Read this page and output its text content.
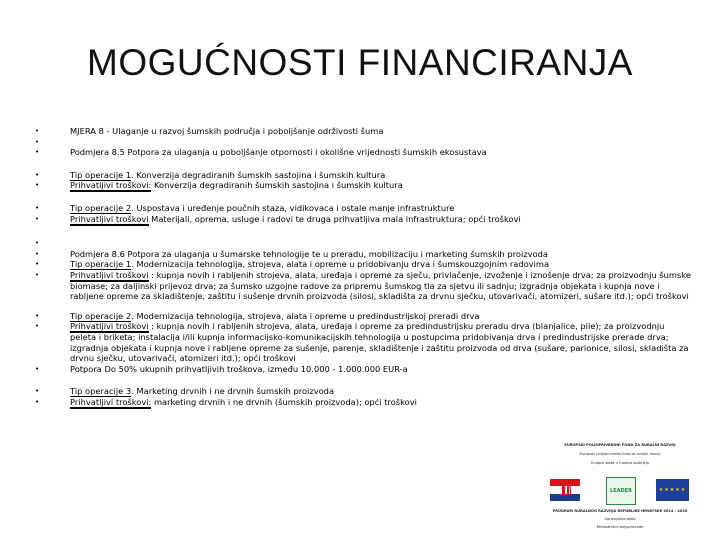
MOGUĆNOSTI FINANCIRANJA
•	MJERA 8 - Ulaganje u razvoj šumskih područja i poboljšanje održivosti šuma
•
•	Podmjera 8.5 Potpora za ulaganja u poboljšanje otpornosti i okolišne vrijednosti šumskih ekosustava
•	Tip operacije 1. Konverzija degradiranih šumskih sastojina i šumskih kultura
•	Prihvatljivi troškovi: Konverzija degradiranih šumskih sastojina i šumskih kultura
•	Tip operacije 2. Uspostava i uređenje poučnih staza, vidikovaca i ostale manje infrastrukture
•	Prihvatljivi troškovi Materijali, oprema, usluge i radovi te druga prihvatljiva mala infrastruktura; opći troškovi
•
•	Podmjera 8.6 Potpora za ulaganja u šumarske tehnologije te u preradu, mobilizaciju i marketing šumskih proizvoda
•	Tip operacije 1. Modernizacija tehnologija, strojeva, alata i opreme u pridobivanju drva i šumskouzgojnim radovima
•	Prihvatljivi troškovi : kupnja novih i rabljenih strojeva, alata, uređaja i opreme za sječu, privlačenje, izvoženje i iznošenje drva; za proizvodnju šumske biomase; za daljinski prijevoz drva; za šumsko uzgojne radove za pripremu šumskog tla za sjetvu ili sadnju; izgradnja objekata i kupnja nove i rabljene opreme za skladištenje, zaštitu i sušenje drvnih proizvoda (silosi, skladišta za drvnu sječku, utovarivači, atomizeri, sušare itd.); opći troškovi
•	Tip operacije 2. Modernizacija tehnologija, strojeva, alata i opreme u predindustrijskoj preradi drva
•	Prihvatljivi troškovi : kupnja novih i rabljenih strojeva, alata, uređaja i opreme za predindustrijsku preradu drva (blanjalice, pile); za proizvodnju peleta i briketa; instalacija i/ili kupnja informacijsko-komunikacijskih tehnologija u postupcima pridobivanja drva i predindustrijske prerade drva; izgradnja objekata i kupnja nove i rabljene opreme za sušenje, parenje, skladištenje i zaštitu proizvoda od drva (sušare, parionice, silosi, skladišta za drvnu sječku, utovarivači, atomizeri itd.); opći troškovi
•	Potpora Do 50% ukupnih prihvatljivih troškova, između 10.000 - 1.000.000 EUR-a
•	Tip operacije 3. Marketing drvnih i ne drvnih šumskih proizvoda
•	Prihvatljivi troškovi: marketing drvnih i ne drvnih (šumskih proizvoda); opći troškovi
EUROPSKI POLJOPRIVREDNI FOND ZA RURALNI RAZVOJ
Europski poljoprivredni fond za ruralni razvoj
Europa ulaže u ruralna područja
LEADER	★★★★★
PROGRAM RURALNOG RAZVOJA REPUBLIKE HRVATSKE 2014 - 2020
Upravljačko tijelo
Ministarstvo poljoprivrede
